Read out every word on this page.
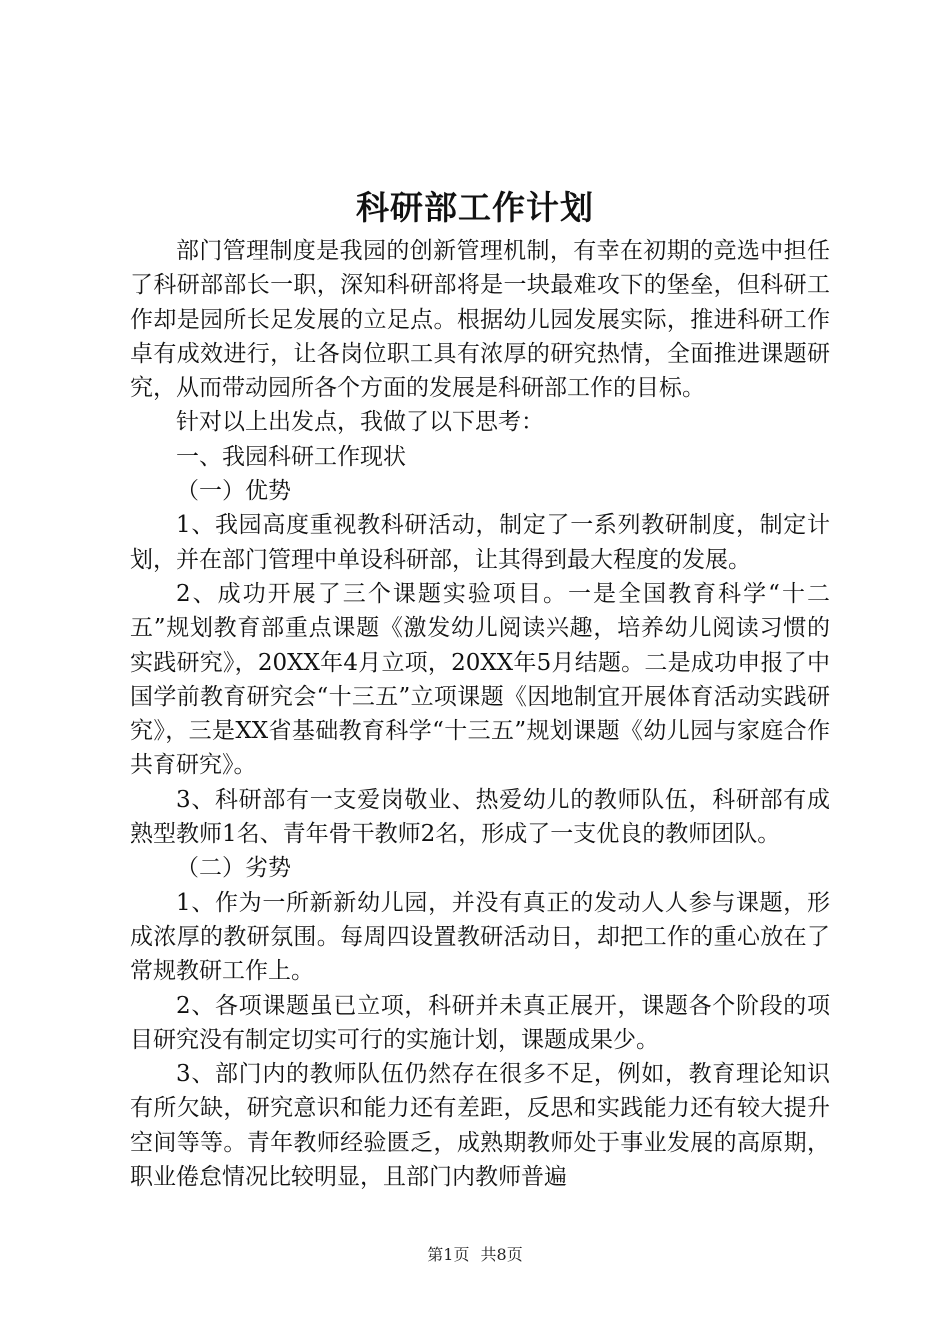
科研部工作计划

部门管理制度是我园的创新管理机制，有幸在初期的竞选中担任了科研部部长一职，深知科研部将是一块最难攻下的堡垒，但科研工作却是园所长足发展的立足点。根据幼儿园发展实际，推进科研工作卓有成效进行，让各岗位职工具有浓厚的研究热情，全面推进课题研究，从而带动园所各个方面的发展是科研部工作的目标。

针对以上出发点，我做了以下思考：

一、我园科研工作现状

（一）优势

1、我园高度重视教科研活动，制定了一系列教研制度，制定计划，并在部门管理中单设科研部，让其得到最大程度的发展。

2、成功开展了三个课题实验项目。一是全国教育科学“十二五”规划教育部重点课题《激发幼儿阅读兴趣，培养幼儿阅读习惯的实践研究》，20XX年4月立项，20XX年5月结题。二是成功申报了中国学前教育研究会“十三五”立项课题《因地制宜开展体育活动实践研究》，三是XX省基础教育科学“十三五”规划课题《幼儿园与家庭合作共育研究》。

3、科研部有一支爱岗敬业、热爱幼儿的教师队伍，科研部有成熟型教师1名、青年骨干教师2名，形成了一支优良的教师团队。

（二）劣势

1、作为一所新新幼儿园，并没有真正的发动人人参与课题，形成浓厚的教研氛围。每周四设置教研活动日，却把工作的重心放在了常规教研工作上。

2、各项课题虽已立项，科研并未真正展开，课题各个阶段的项目研究没有制定切实可行的实施计划，课题成果少。

3、部门内的教师队伍仍然存在很多不足，例如，教育理论知识有所欠缺，研究意识和能力还有差距，反思和实践能力还有较大提升空间等等。青年教师经验匮乏，成熟期教师处于事业发展的高原期，职业倦怠情况比较明显，且部门内教师普遍

第1页 共8页
